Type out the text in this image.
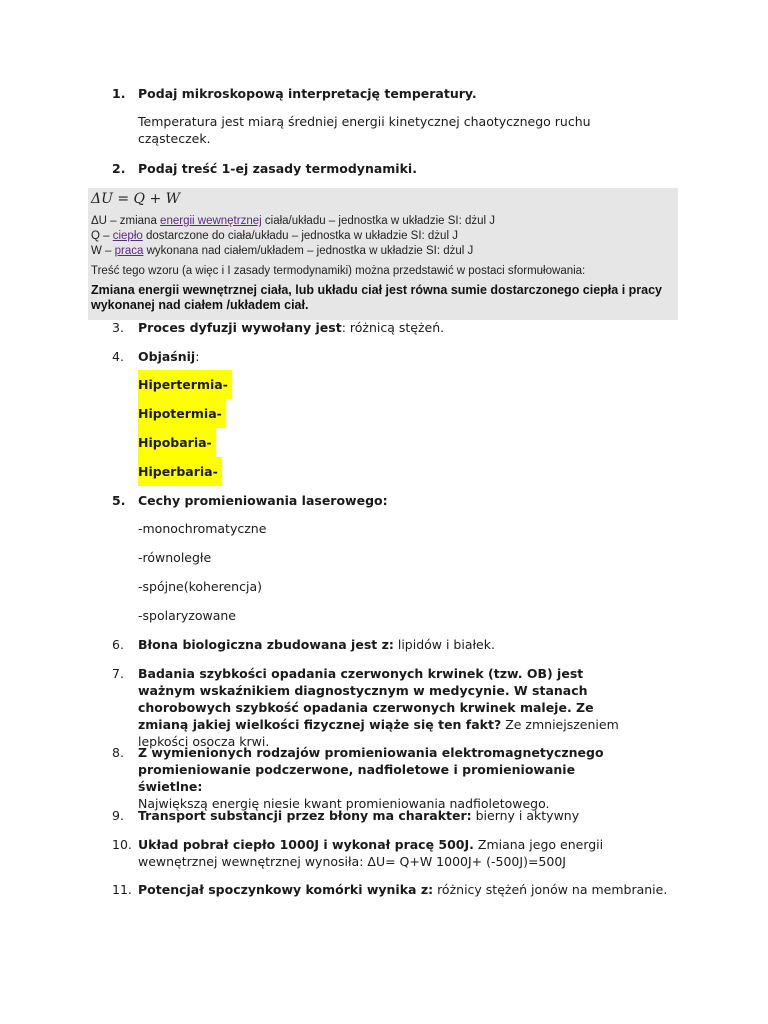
1.	Podaj mikroskopową interpretację temperatury.
Temperatura jest miarą średniej energii kinetycznej chaotycznego ruchu cząsteczek.
2.	Podaj treść 1-ej zasady termodynamiki.
ΔU = Q + W
ΔU – zmiana energii wewnętrznej ciała/układu – jednostka w układzie SI: dżul J
Q – ciepło dostarczone do ciała/układu – jednostka w układzie SI: dżul J
W – praca wykonana nad ciałem/układem – jednostka w układzie SI: dżul J
Treść tego wzoru (a więc i I zasady termodynamiki) można przedstawić w postaci sformułowania:
Zmiana energii wewnętrznej ciała, lub układu ciał jest równa sumie dostarczonego ciepła i pracy wykonanej nad ciałem /układem ciał.
3.	Proces dyfuzji wywołany jest: różnicą stężeń.
4.	Objaśnij:
Hipertermia-
Hipotermia-
Hipobaria-
Hiperbaria-
5.	Cechy promieniowania laserowego:
-monochromatyczne
-równoległe
-spójne(koherencja)
-spolaryzowane
6.	Błona biologiczna zbudowana jest z: lipidów i białek.
7.	Badania szybkości opadania czerwonych krwinek (tzw. OB) jest ważnym wskaźnikiem diagnostycznym w medycynie. W stanach chorobowych szybkość opadania czerwonych krwinek maleje. Ze zmianą jakiej wielkości fizycznej wiąże się ten fakt? Ze zmniejszeniem lepkości osocza krwi.
8.	Z wymienionych rodzajów promieniowania elektromagnetycznego promieniowanie podczerwone, nadfioletowe i promieniowanie świetlne:
Największą energię niesie kwant promieniowania nadfioletowego.
9.	Transport substancji przez błony ma charakter: bierny i aktywny
10. Układ pobrał ciepło 1000J i wykonał pracę 500J. Zmiana jego energii wewnętrznej wewnętrznej wynosiła: ΔU= Q+W 1000J+ (-500J)=500J
11. Potencjał spoczynkowy komórki wynika z: różnicy stężeń jonów na membranie.
